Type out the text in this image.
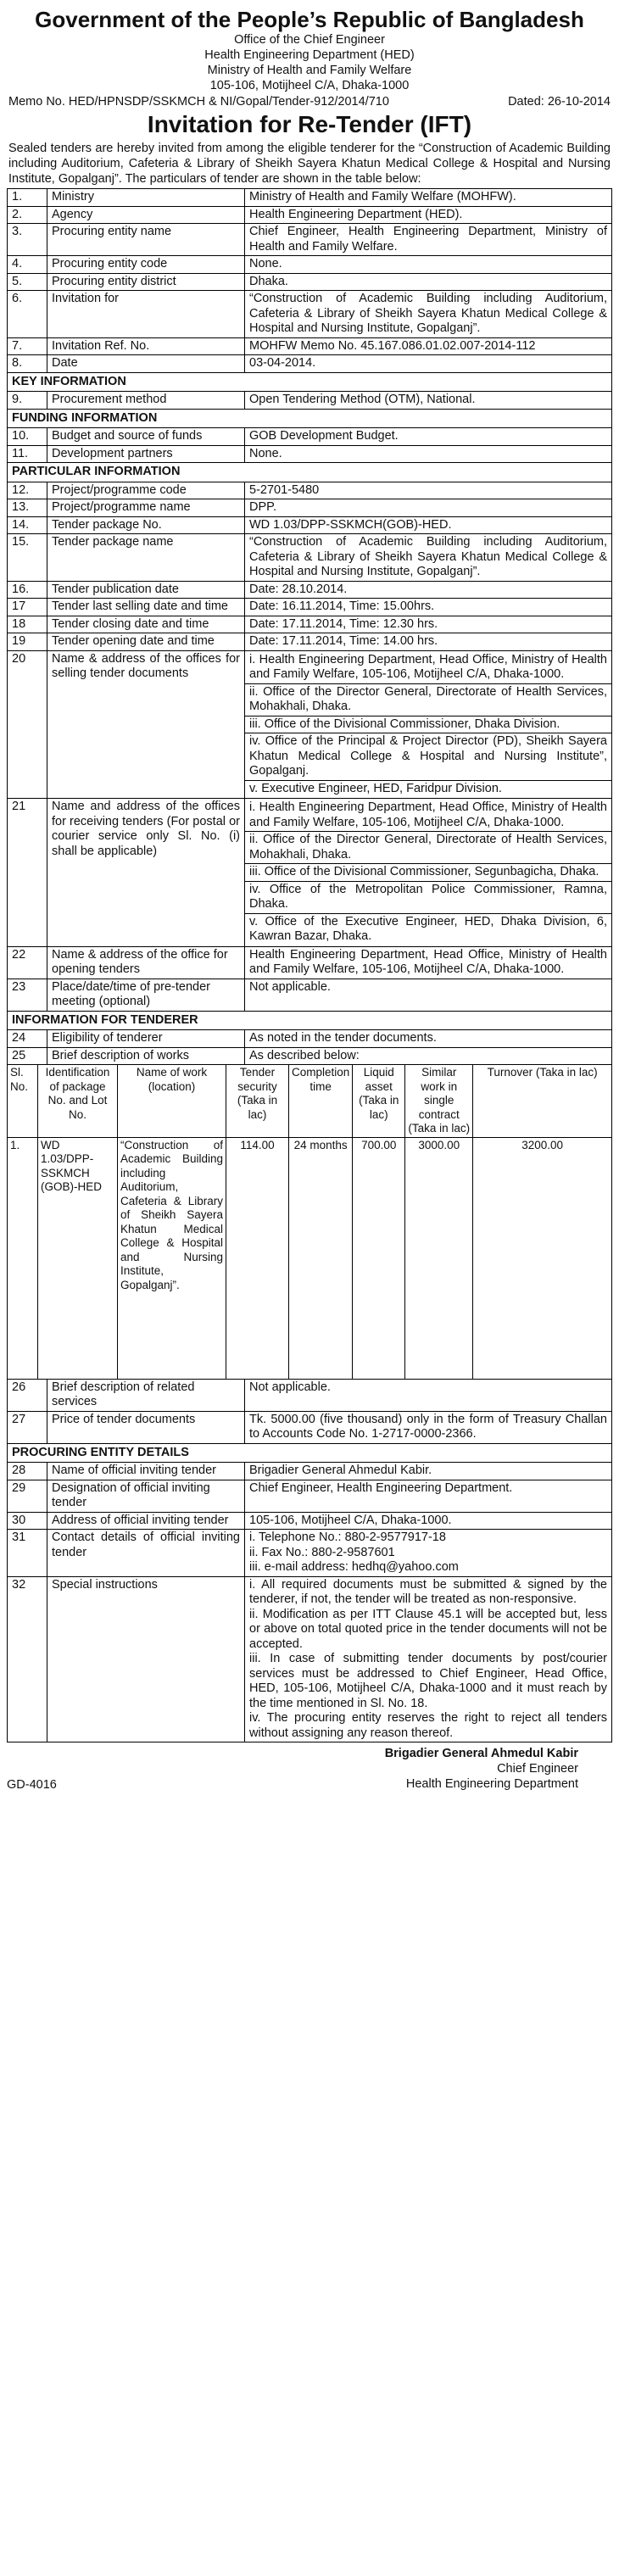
Government of the People’s Republic of Bangladesh

Office of the Chief Engineer

Health Engineering Department (HED)

Ministry of Health and Family Welfare

105-106, Motijheel C/A, Dhaka-1000

Memo No. HED/HPNSDP/SSKMCH & NI/Gopal/Tender-912/2014/710	Dated: 26-10-2014

Invitation for Re-Tender (IFT)

Sealed tenders are hereby invited from among the eligible tenderer for the “Construction of Academic Building including Auditorium, Cafeteria & Library of Sheikh Sayera Khatun Medical College & Hospital and Nursing Institute, Gopalganj”. The particulars of tender are shown in the table below:

1.	Ministry	Ministry of Health and Family Welfare (MOHFW).
2.	Agency	Health Engineering Department (HED).
3.	Procuring entity name	Chief Engineer, Health Engineering Department, Ministry of Health and Family Welfare.
4.	Procuring entity code	None.
5.	Procuring entity district	Dhaka.
6.	Invitation for	“Construction of Academic Building including Auditorium, Cafeteria & Library of Sheikh Sayera Khatun Medical College & Hospital and Nursing Institute, Gopalganj”.
7.	Invitation Ref. No.	MOHFW Memo No. 45.167.086.01.02.007-2014-112
8.	Date	03-04-2014.
KEY INFORMATION		
9.	Procurement method	Open Tendering Method (OTM), National.
FUNDING INFORMATION		
10.	Budget and source of funds	GOB Development Budget.
11.	Development partners	None.
PARTICULAR INFORMATION		
12.	Project/programme code	5-2701-5480
13.	Project/programme name	DPP.
14.	Tender package No.	WD 1.03/DPP-SSKMCH(GOB)-HED.
15.	Tender package name	“Construction of Academic Building including Auditorium, Cafeteria & Library of Sheikh Sayera Khatun Medical College & Hospital and Nursing Institute, Gopalganj”.
16.	Tender publication date	Date: 28.10.2014.
17	Tender last selling date and time	Date: 16.11.2014, Time: 15.00hrs.
18	Tender closing date and time	Date: 17.11.2014, Time: 12.30 hrs.
19	Tender opening date and time	Date: 17.11.2014, Time: 14.00 hrs.
20	Name & address of the offices for selling tender documents	i. Health Engineering Department, Head Office, Ministry of Health and Family Welfare, 105-106, Motijheel C/A, Dhaka-1000.
ii. Office of the Director General, Directorate of Health Services, Mohakhali, Dhaka.
iii. Office of the Divisional Commissioner, Dhaka Division.
iv. Office of the Principal & Project Director (PD), Sheikh Sayera Khatun Medical College & Hospital and Nursing Institute”, Gopalganj.
v. Executive Engineer, HED, Faridpur Division.

21	Name and address of the offices for receiving tenders (For postal or courier service only Sl. No. (i) shall be applicable)	i. Health Engineering Department, Head Office, Ministry of Health and Family Welfare, 105-106, Motijheel C/A, Dhaka-1000.
ii. Office of the Director General, Directorate of Health Services, Mohakhali, Dhaka.
iii. Office of the Divisional Commissioner, Segunbagicha, Dhaka.
iv. Office of the Metropolitan Police Commissioner, Ramna, Dhaka.
v. Office of the Executive Engineer, HED, Dhaka Division, 6, Kawran Bazar, Dhaka.

22	Name & address of the office for opening tenders	Health Engineering Department, Head Office, Ministry of Health and Family Welfare, 105-106, Motijheel C/A, Dhaka-1000.
23	Place/date/time of pre-tender meeting (optional)	Not applicable.
INFORMATION FOR TENDERER		
24	Eligibility of tenderer	As noted in the tender documents.
25	Brief description of works	As described below:
Sl. No.	Identification of package No. and Lot No.	Name of work (location)	Tender security (Taka in lac)	Completion time	Liquid asset (Taka in lac)	Similar work in single contract (Taka in lac)	Turnover (Taka in lac)
1.	WD 1.03/DPP-SSKMCH (GOB)-HED	“Construction of Academic Building including Auditorium, Cafeteria & Library of Sheikh Sayera Khatun Medical College & Hospital and Nursing Institute, Gopalganj”.	114.00	24 months	700.00	3000.00	3200.00
26	Brief description of related services	Not applicable.
27	Price of tender documents	Tk. 5000.00 (five thousand) only in the form of Treasury Challan to Accounts Code No. 1-2717-0000-2366.
PROCURING ENTITY DETAILS		
28	Name of official inviting tender	Brigadier General Ahmedul Kabir.
29	Designation of official inviting tender	Chief Engineer, Health Engineering Department.
30	Address of official inviting tender	105-106, Motijheel C/A, Dhaka-1000.
31	Contact details of official inviting tender	i. Telephone No.: 880-2-9577917-18
ii. Fax No.: 880-2-9587601
iii. e-mail address: hedhq@yahoo.com

32	Special instructions	i. All required documents must be submitted & signed by the tenderer, if not, the tender will be treated as non-responsive.
ii. Modification as per ITT Clause 45.1 will be accepted but, less or above on total quoted price in the tender documents will not be accepted.
iii. In case of submitting tender documents by post/courier services must be addressed to Chief Engineer, Head Office, HED, 105-106, Motijheel C/A, Dhaka-1000 and it must reach by the time mentioned in Sl. No. 18.
iv. The procuring entity reserves the right to reject all tenders without assigning any reason thereof.
Brigadier General Ahmedul Kabir
Chief Engineer
GD-4016	Health Engineering Department
